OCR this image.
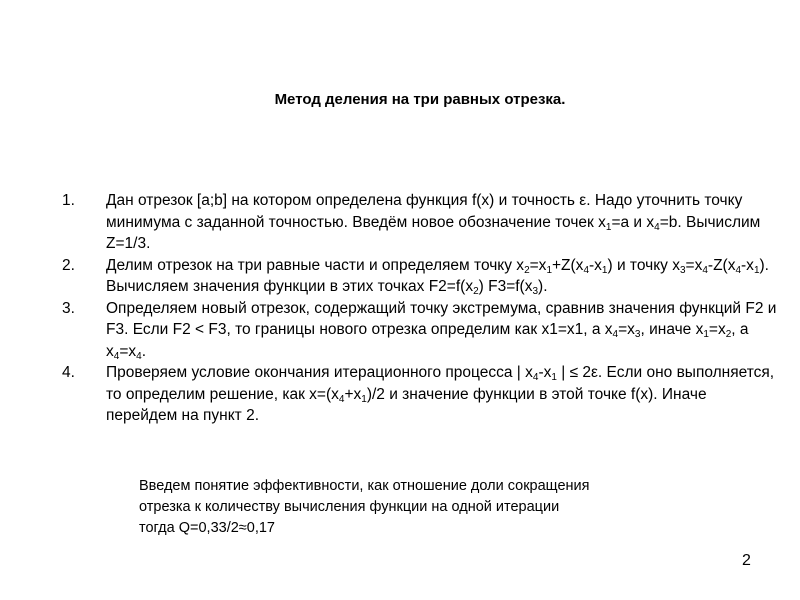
Метод деления на три равных отрезка.
1. Дан отрезок [a;b] на котором определена функция f(x) и точность ε. Надо уточнить точку минимума с заданной точностью. Введём новое обозначение точек $x_1=a$ и $x_4=b$. Вычислим Z=1/3.
2. Делим отрезок на три равные части и определяем точку $x_2=x_1+Z(x_4-x_1)$ и точку $x_3=x_4-Z(x_4-x_1)$. Вычисляем значения функции в этих точках $F2=f(x_2)$ $F3=f(x_3)$.
3. Определяем новый отрезок, содержащий точку экстремума, сравнив значения функций F2 и F3. Если F2 < F3, то границы нового отрезка определим как x1=x1, а $x_4=x_3$, иначе $x_1=x_2$, а $x_4=x_4$.
4. Проверяем условие окончания итерационного процесса | $x_4-x_1$ | ≤ 2ε. Если оно выполняется, то определим решение, как $x=(x_4+x_1)/2$ и значение функции в этой точке f(x). Иначе перейдем на пункт 2.
Введем понятие эффективности, как отношение доли сокращения
отрезка к количеству вычисления функции на одной итерации
тогда Q=0,33/2≈0,17
2
